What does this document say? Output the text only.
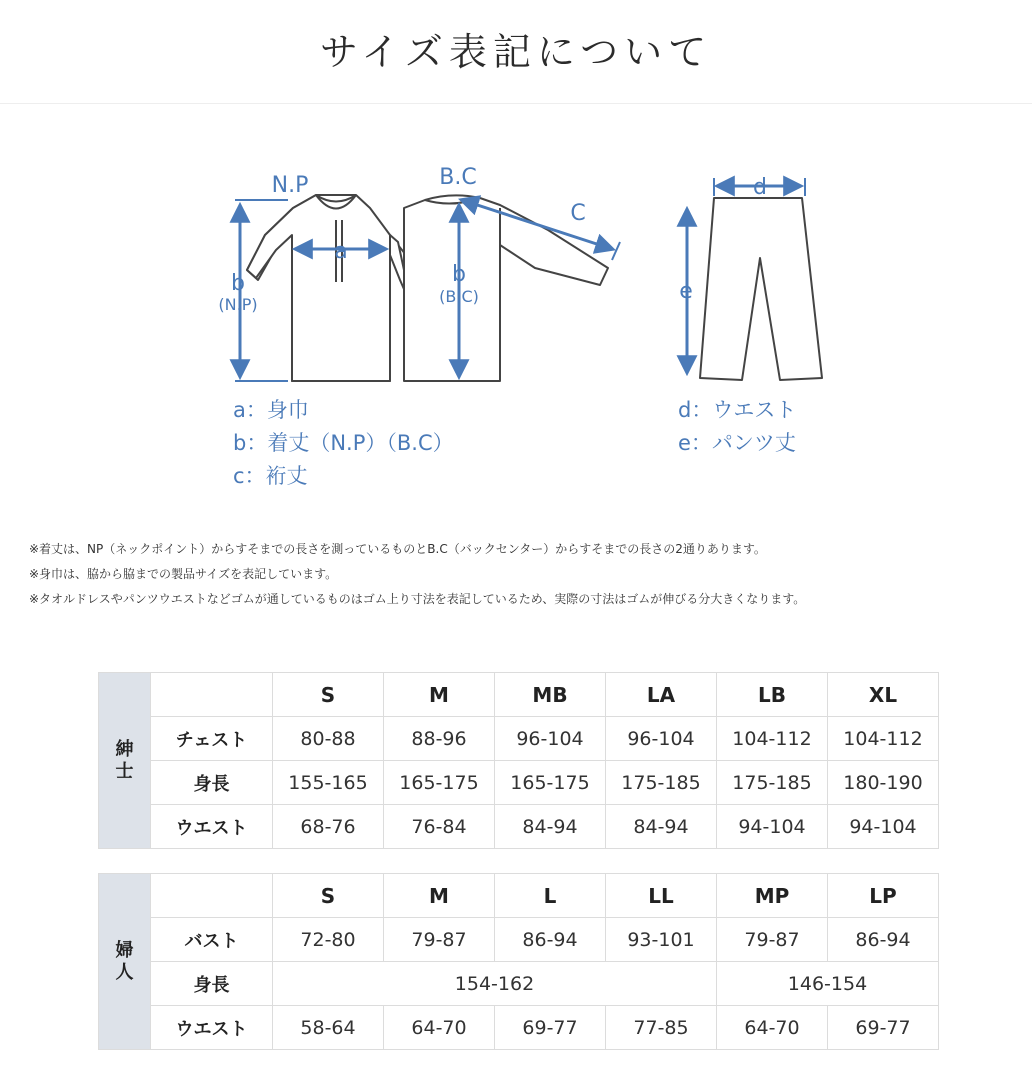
サイズ表記について
N.P	B.C
a
b
(N.P)
b
(B.C)
C
d
e
a：身巾
b：着丈（N.P）（B.C）
c：裄丈
d：ウエスト
e：パンツ丈
※着丈は、NP（ネックポイント）からすそまでの長さを測っているものとB.C（バックセンター）からすそまでの長さの2通りあります。
※身巾は、脇から脇までの製品サイズを表記しています。
※タオルドレスやパンツウエストなどゴムが通しているものはゴム上り寸法を表記しているため、実際の寸法はゴムが伸びる分大きくなります。
紳
士		S	M	MB	LA	LB	XL
	チェスト	80-88	88-96	96-104	96-104	104-112	104-112
	身長	155-165	165-175	165-175	175-185	175-185	180-190
	ウエスト	68-76	76-84	84-94	84-94	94-104	94-104
婦
人		S	M	L	LL	MP	LP
	バスト	72-80	79-87	86-94	93-101	79-87	86-94
	身長	154-162				146-154	
	ウエスト	58-64	64-70	69-77	77-85	64-70	69-77
